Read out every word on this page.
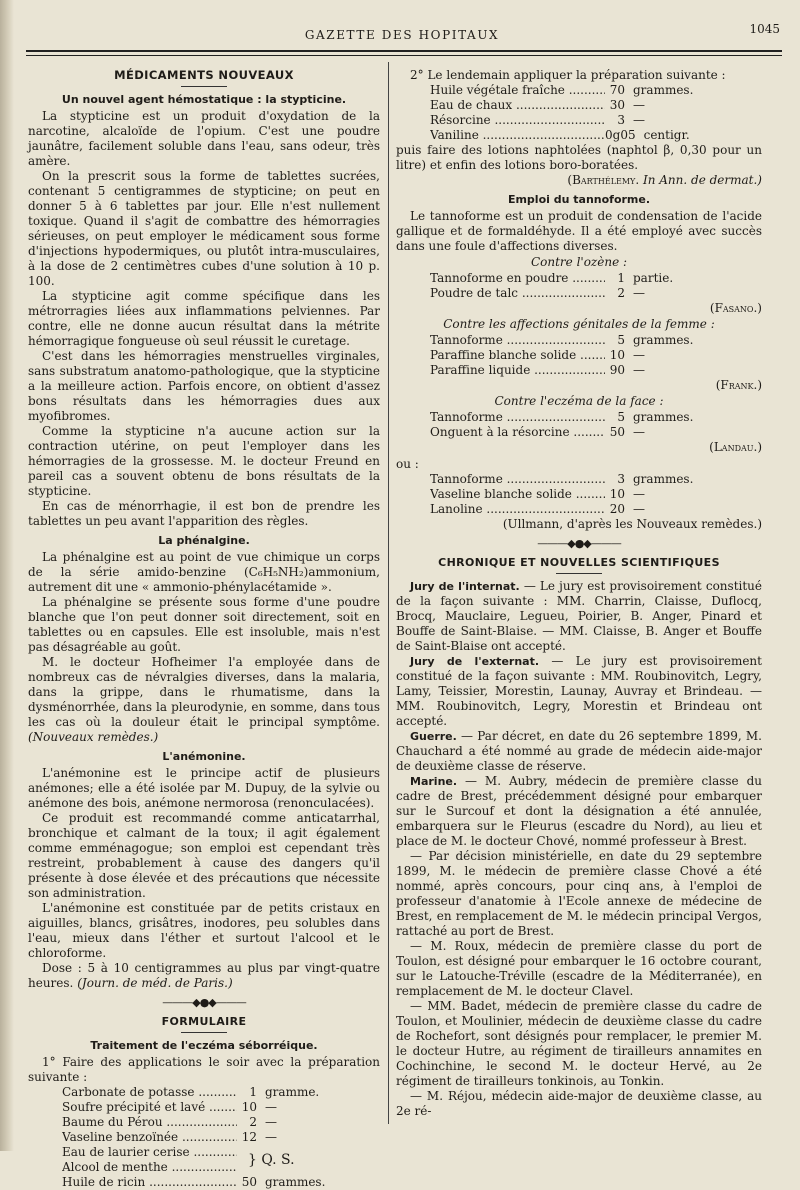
GAZETTE DES HOPITAUX	1045
MÉDICAMENTS NOUVEAUX
Un nouvel agent hémostatique : la stypticine.

La stypticine est un produit d'oxydation de la narcotine, alcaloïde de l'opium. C'est une poudre jaunâtre, facilement soluble dans l'eau, sans odeur, très amère.

On la prescrit sous la forme de tablettes sucrées, contenant 5 centigrammes de stypticine; on peut en donner 5 à 6 tablettes par jour. Elle n'est nullement toxique. Quand il s'agit de combattre des hémorragies sérieuses, on peut employer le médicament sous forme d'injections hypodermiques, ou plutôt intra-musculaires, à la dose de 2 centimètres cubes d'une solution à 10 p. 100.

La stypticine agit comme spécifique dans les métrorragies liées aux inflammations pelviennes. Par contre, elle ne donne aucun résultat dans la métrite hémorragique fongueuse où seul réussit le curetage.

C'est dans les hémorragies menstruelles virginales, sans substratum anatomo-pathologique, que la stypticine a la meilleure action. Parfois encore, on obtient d'assez bons résultats dans les hémorragies dues aux myofibromes.

Comme la stypticine n'a aucune action sur la contraction utérine, on peut l'employer dans les hémorragies de la grossesse. M. le docteur Freund en pareil cas a souvent obtenu de bons résultats de la stypticine.

En cas de ménorrhagie, il est bon de prendre les tablettes un peu avant l'apparition des règles.

La phénalgine.

La phénalgine est au point de vue chimique un corps de la série amido-benzine (C₆H₅NH₂)ammonium, autrement dit une « ammonio-phénylacétamide ».

La phénalgine se présente sous forme d'une poudre blanche que l'on peut donner soit directement, soit en tablettes ou en capsules. Elle est insoluble, mais n'est pas désagréable au goût.

M. le docteur Hofheimer l'a employée dans de nombreux cas de névralgies diverses, dans la malaria, dans la grippe, dans le rhumatisme, dans la dysménorrhée, dans la pleurodynie, en somme, dans tous les cas où la douleur était le principal symptôme. (Nouveaux remèdes.)

L'anémonine.

L'anémonine est le principe actif de plusieurs anémones; elle a été isolée par M. Dupuy, de la sylvie ou anémone des bois, anémone nermorosa (renonculacées).

Ce produit est recommandé comme anticatarrhal, bronchique et calmant de la toux; il agit également comme emménagogue; son emploi est cependant très restreint, probablement à cause des dangers qu'il présente à dose élevée et des précautions que nécessite son administration.

L'anémonine est constituée par de petits cristaux en aiguilles, blancs, grisâtres, inodores, peu solubles dans l'eau, mieux dans l'éther et surtout l'alcool et le chloroforme.

Dose : 5 à 10 centigrammes au plus par vingt-quatre heures. (Journ. de méd. de Paris.)

———◆●◆———
FORMULAIRE
Traitement de l'eczéma séborréique.

1° Faire des applications le soir avec la préparation suivante :

} Q. S.
Carbonate de potasse .....	1 gramme.
Soufre précipité et lavé .....	10 —
Baume du Pérou .....	2 —
Vaseline benzoïnée .....	12 —
Eau de laurier cerise .....
Alcool de menthe .....
Huile de ricin .....	50 grammes.

2° Le lendemain appliquer la préparation suivante :

Huile végétale fraîche .....	70 grammes.
Eau de chaux .....	30 —
Résorcine .....	3 —
Vaniline .....	0g05 centigr.

puis faire des lotions naphtolées (naphtol β, 0,30 pour un litre) et enfin des lotions boro-boratées.

(Barthélemy. In Ann. de dermat.)

Emploi du tannoforme.

Le tannoforme est un produit de condensation de l'acide gallique et de formaldéhyde. Il a été employé avec succès dans une foule d'affections diverses.

Contre l'ozène :

Tannoforme en poudre .....	1 partie.
Poudre de talc .....	2 —

(Fasano.)

Contre les affections génitales de la femme :

Tannoforme .....	5 grammes.
Paraffine blanche solide .....	10 —
Paraffine liquide .....	90 —

(Frank.)

Contre l'eczéma de la face :

Tannoforme .....	5 grammes.
Onguent à la résorcine .....	50 —

(Landau.)

ou :

Tannoforme .....	3 grammes.
Vaseline blanche solide .....	10 —
Lanoline .....	20 —

(Ullmann, d'après les Nouveaux remèdes.)

———◆●◆———
CHRONIQUE ET NOUVELLES SCIENTIFIQUES

Jury de l'internat. — Le jury est provisoirement constitué de la façon suivante : MM. Charrin, Claisse, Duflocq, Brocq, Mauclaire, Legueu, Poirier, B. Anger, Pinard et Bouffe de Saint-Blaise. — MM. Claisse, B. Anger et Bouffe de Saint-Blaise ont accepté.

Jury de l'externat. — Le jury est provisoirement constitué de la façon suivante : MM. Roubinovitch, Legry, Lamy, Teissier, Morestin, Launay, Auvray et Brindeau. — MM. Roubinovitch, Legry, Morestin et Brindeau ont accepté.

Guerre. — Par décret, en date du 26 septembre 1899, M. Chauchard a été nommé au grade de médecin aide-major de deuxième classe de réserve.

Marine. — M. Aubry, médecin de première classe du cadre de Brest, précédemment désigné pour embarquer sur le Surcouf et dont la désignation a été annulée, embarquera sur le Fleurus (escadre du Nord), au lieu et place de M. le docteur Chové, nommé professeur à Brest.

— Par décision ministérielle, en date du 29 septembre 1899, M. le médecin de première classe Chové a été nommé, après concours, pour cinq ans, à l'emploi de professeur d'anatomie à l'Ecole annexe de médecine de Brest, en remplacement de M. le médecin principal Vergos, rattaché au port de Brest.

— M. Roux, médecin de première classe du port de Toulon, est désigné pour embarquer le 16 octobre courant, sur le Latouche-Tréville (escadre de la Méditerranée), en remplacement de M. le docteur Clavel.

— MM. Badet, médecin de première classe du cadre de Toulon, et Moulinier, médecin de deuxième classe du cadre de Rochefort, sont désignés pour remplacer, le premier M. le docteur Hutre, au régiment de tirailleurs annamites en Cochinchine, le second M. le docteur Hervé, au 2e régiment de tirailleurs tonkinois, au Tonkin.

— M. Réjou, médecin aide-major de deuxième classe, au 2e ré-
